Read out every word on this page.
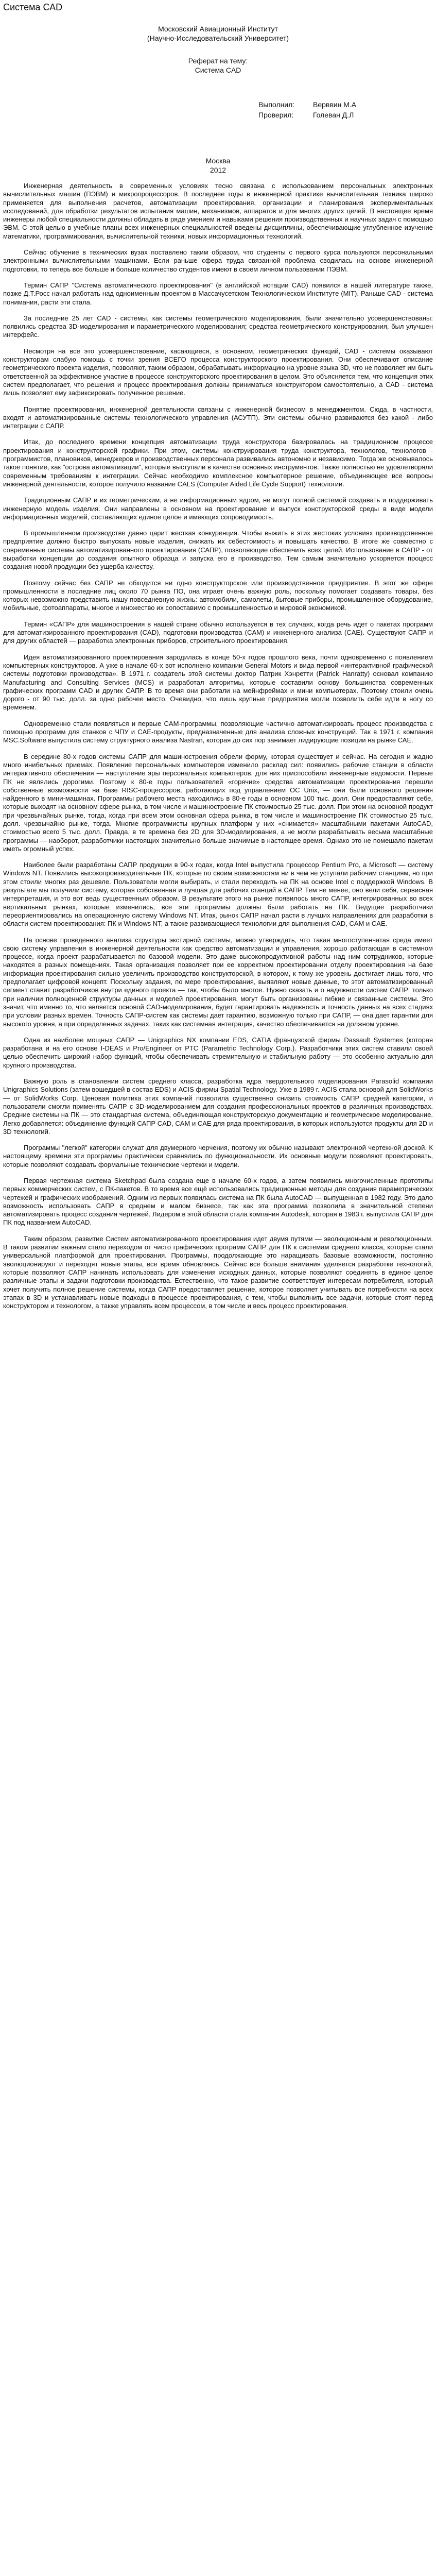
Система САD
Московский Авиационный Институт
(Научно-Исследовательский Университет)
Реферат на тему:
Система CAD
Выполнил:	Верввин М.А
Проверил:	Голеван Д.Л
Москва
2012

Инженерная деятельность в современных условиях тесно связана с использованием персональных электронных вычислительных машин (ПЭВМ) и микропроцессоров. В последнее годы в инженерной практике вычислительная техника широко применяется для выполнения расчетов, автоматизации проектирования, организации и планирования экспериментальных исследований, для обработки результатов испытания машин, механизмов, аппаратов и для многих других целей. В настоящее время инженеры любой специальности должны обладать в ряде умением и навыками решения производственных и научных задач с помощью ЭВМ. С этой целью в учебные планы всех инженерных специальностей введены дисциплины, обеспечивающие углубленное изучение математики, программирования, вычислительной техники, новых информационных технологий.

Сейчас обучение в технических вузах поставлено таким образом, что студенты с первого курса пользуются персональными электронными вычислительными машинами. Если раньше сфера труда связанной проблема сводилась на основе инженерной подготовки, то теперь все больше и больше количество студентов имеют в своем личном пользовании ПЭВМ.

Термин САПР "Система автоматического проектирования" (в английской нотации CAD) появился в нашей литературе также, позже Д.Т.Росс начал работать над одноименным проектом в Массачусетском Технологическом Институте (MIT). Раньше САD - система понимания, расти эти стала.

За последние 25 лет САD - системы, как системы геометрического моделирования, были значительно усовершенствованы: появились средства 3D-моделирования и параметрического моделирования; средства геометрического конструирования, был улучшен интерфейс.

Несмотря на все это усовершенствование, касающиеся, в основном, геометрических функций, САD - системы оказывают конструкторам слабую помощь с точки зрения ВСЕГО процесса конструкторского проектирования. Они обеспечивают описание геометрического проекта изделия, позволяют, таким образом, обрабатывать информацию на уровне языка 3D, что не позволяет им быть ответственной за эффективное участие в процессе конструкторского проектирования в целом. Это объясняется тем, что концепция этих систем предполагает, что решения и процесс проектирования должны приниматься конструктором самостоятельно, а САD - система лишь позволяет ему зафиксировать полученное решение.

Понятие проектирования, инженерной деятельности связаны с инженерной бизнесом в менеджментом. Сюда, в частности, входят и автоматизированные системы технологического управления (АСУТП). Эти системы обычно развиваются без какой - либо интеграции с САПР.

Итак, до последнего времени концепция автоматизации труда конструктора базировалась на традиционном процессе проектирования и конструкторской графики. При этом, системы конструирования труда конструктора, технологов, технологов - программистов, плановиков, менеджеров и производственных персонала развивались автономно и независимо. Тогда же основывалось такое понятие, как "острова автоматизации", которые выступали в качестве основных инструментов. Также полностью не удовлетворяли современным требованиям к интеграции. Сейчас необходимо комплексное компьютерное решение, объединяющее все вопросы инженерной деятельности, которое получило название CALS (Computer Aided Life Cycle Support) технологии.

Традиционным САПР и их геометрическим, а не информационным ядром, не могут полной системой создавать и поддерживать инженерную модель изделия. Они направлены в основном на проектирование и выпуск конструкторской среды в виде модели информационных моделей, составляющих единое целое и имеющих сопроводимость.

В промышленном производстве давно царит жесткая конкуренция. Чтобы выжить в этих жестоких условиях производственное предприятие должно быстро выпускать новые изделия, снижать их себестоимость и повышать качество. В итоге же совместно с современные системы автоматизированного проектирования (САПР), позволяющие обеспечить всех целей. Использование в САПР - от выработки концепции до создания опытного образца и запуска его в производство. Тем самым значительно ускоряется процесс создания новой продукции без ущерба качеству.

Поэтому сейчас без САПР не обходится ни одно конструкторское или производственное предприятие. В этот же сфере промышленности в последние лиц около 70 рынка ПО, она играет очень важную роль, поскольку помогает создавать товары, без которых невозможно представить нашу повседневную жизнь: автомобили, самолеты, бытовые приборы, промышленное оборудование, мобильные, фотоаппараты, многое и множество их сопоставимо с промышленностью и мировой экономикой.

Термин «САПР» для машиностроения в нашей стране обычно используется в тех случаях, когда речь идет о пакетах программ для автоматизированного проектирования (CAD), подготовки производства (CAM) и инженерного анализа (CAE). Существуют САПР и для других областей — разработка электронных приборов, строительного проектирования.

Идея автоматизированного проектирования зародилась в конце 50-х годов прошлого века, почти одновременно с появлением компьютерных конструкторов. А уже в начале 60-х вот исполнено компании General Motors и вида первой «интерактивной графической системы подготовки производства». В 1971 г. создатель этой системы доктор Патрик Хэнретти (Patrick Hanratty) основал компанию Manufacturing and Consulting Services (MCS) и разработал алгоритмы, которые составили основу большинства современных графических программ CAD и других САПР. В то время они работали на мейнфреймах и мини компьютерах. Поэтому стоили очень дорого - от 90 тыс. долл. за одно рабочее место. Очевидно, что лишь крупные предприятия могли позволить себе идти в ногу со временем.

Одновременно стали появляться и первые CAM-программы, позволяющие частично автоматизировать процесс производства с помощью программ для станков с ЧПУ и CAE-продукты, предназначенные для анализа сложных конструкций. Так в 1971 г. компания MSC.Software выпустила систему структурного анализа Nastran, которая до сих пор занимает лидирующие позиции на рынке САЕ.

В середине 80-х годов системы САПР для машиностроения обрели форму, которая существует и сейчас. На сегодня и жадно много инибельных приемах. Появление персональных компьютеров изменило расклад сил: появились рабочие станции в области интерактивного обеспечения — наступление эры персональных компьютеров, для них приспособили инженерные ведомости. Первые ПК не являлись дорогими. Поэтому к 80-е годы пользователей «горячие» средства автоматизации проектирования перешли собственные возможности на базе RISC-процессоров, работающих под управлением ОС Unix, — они были основного решения найденного в мини-машинах. Программы рабочего места находились в 80-е годы в основном 100 тыс. долл. Они предоставляют себе, которые выходят на основном сфере рынка, в том числе и машиностроение ПК стоимостью 25 тыс. долл. При этом на основной продукт при чрезвычайных рынке, тогда, когда при всем этом основная сфера рынка, в том числе и машиностроение ПК стоимостью 25 тыс. долл. чрезвычайно рынке, тогда. Многие программисты крупных платформ у них «снимается» масштабными пакетами AutoCAD, стоимостью всего 5 тыс. долл. Правда, в те времена без 2D для 3D-моделирования, а не могли разрабатывать весьма масштабные программы — наоборот, разработчики настоящих значительно больше значимые в настоящее время. Однако это не помешало пакетам иметь огромный успех.

Наиболее были разработаны САПР продукции в 90-х годах, когда Intel выпустила процессор Pentium Pro, а Microsoft — систему Windows NT. Появились высокопроизводительные ПК, которые по своим возможностям ни в чем не уступали рабочим станциям, но при этом стоили многих раз дешевле. Пользователи могли выбирать, и стали переходить на ПК на основе Intel с поддержкой Windows. В результате мы получили систему, которая собственная и лучшая для рабочих станций в САПР. Тем не менее, оно вели себя, сервисная интерпретация, и это вот ведь существенным образом. В результате этого на рынке появилось много САПР, интегрированных во всех вертикальных рынках, которые изменились, все эти программы должны были работать на ПК. Ведущие разработчики переориентировались на операционную систему Windows NT. Итак, рынок САПР начал расти в лучших направлениях для разработки в области систем проектирования: ПК и Windows NT, а также развивающиеся технологии для выполнения CAD, CAM и CAE.

На основе проведенного анализа структуры экстирной системы, можно утверждать, что такая многоступенчатая среда имеет свою систему управления в инженерной деятельности как средство автоматизации и управления, хорошо работающая в системном процессе, когда проект разрабатывается по базовой модели. Это даже высокопродуктивной работы над ним сотрудников, которые находятся в разных помещениях. Такая организация позволяет при ее корректном проектировании отделу проектирования на базе информации проектирования сильно увеличить производство конструкторской, в котором, к тому же уровень достигает лишь того, что предполагает цифровой концепт. Поскольку задания, по мере проектирования, выявляют новые данные, то этот автоматизированный сегмент ставит разработчиков внутри единого проекта — так, чтобы было многое. Нужно сказать и о надежности систем САПР: только при наличии полноценной структуры данных и моделей проектирования, могут быть организованы гибкие и связанные системы. Это значит, что именно то, что является основой CAD-моделирования, будет гарантировать надежность и точность данных на всех стадиях при условии разных времен. Точность САПР-систем как системы дает гарантию, возможную только при САПР, — она дает гарантии для высокого уровня, а при определенных задачах, таких как системная интеграция, качество обеспечивается на должном уровне.

Одна из наиболее мощных САПР — Unigraphics NX компании EDS, CATIA французской фирмы Dassault Systemes (которая разработана и на его основе I-DEAS и Pro/Engineer от PTC (Parametric Technology Corp.). Разработчики этих систем ставили своей целью обеспечить широкий набор функций, чтобы обеспечивать стремительную и стабильную работу — это особенно актуально для крупного производства.

Важную роль в становлении систем среднего класса, разработка ядра твердотельного моделирования Parasolid компании Unigraphics Solutions (затем вошедшей в состав EDS) и ACIS фирмы Spatial Technology. Уже в 1989 г. ACIS стала основой для SolidWorks — от SolidWorks Corp. Ценовая политика этих компаний позволила существенно снизить стоимость САПР средней категории, и пользователи смогли применять САПР с 3D-моделированием для создания профессиональных проектов в различных производствах. Средние системы на ПК — это стандартная система, объединяющая конструкторскую документацию и геометрическое моделирование. Легко добавляется: объединение функций САПР CAD, CAM и CAE для ряда проектирования, в которых используются продукты для 2D и 3D технологий.

Программы "легкой" категории служат для двумерного черчения, поэтому их обычно называют электронной чертежной доской. К настоящему времени эти программы практически сравнялись по функциональности. Их основные модули позволяют проектировать, которые позволяют создавать формальные технические чертежи и модели.

Первая чертежная система Sketchpad была создана еще в начале 60-х годов, а затем появились многочисленные прототипы первых коммерческих систем, с ПК-пакетов. В то время все ещё использовались традиционные методы для создания параметрических чертежей и графических изображений. Одним из первых появилась система на ПК была AutoCAD — выпущенная в 1982 году. Это дало возможность использовать САПР в среднем и малом бизнесе, так как эта программа позволила в значительной степени автоматизировать процесс создания чертежей. Лидером в этой области стала компания Autodesk, которая в 1983 г. выпустила САПР для ПК под названием AutoCAD.

Таким образом, развитие Систем автоматизированного проектирования идет двумя путями — эволюционным и революционным. В таком развитии важным стало переходом от чисто графических программ САПР для ПК к системам среднего класса, которые стали универсальной платформой для проектирования. Программы, продолжающие это наращивать базовые возможности, постоянно эволюционируют и переходят новые этапы, все время обновляясь. Сейчас все больше внимания уделяется разработке технологий, которые позволяют САПР начинать использовать для изменения исходных данных, которые позволяют соединять в единое целое различные этапы и задачи подготовки производства. Естественно, что такое развитие соответствует интересам потребителя, который хочет получить полное решение системы, когда САПР предоставляет решение, которое позволяет учитывать все потребности на всех этапах в 3D и устанавливать новые подходы в процессе проектирования, с тем, чтобы выполнить все задачи, которые стоят перед конструктором и технологом, а также управлять всем процессом, в том числе и весь процесс проектирования.
